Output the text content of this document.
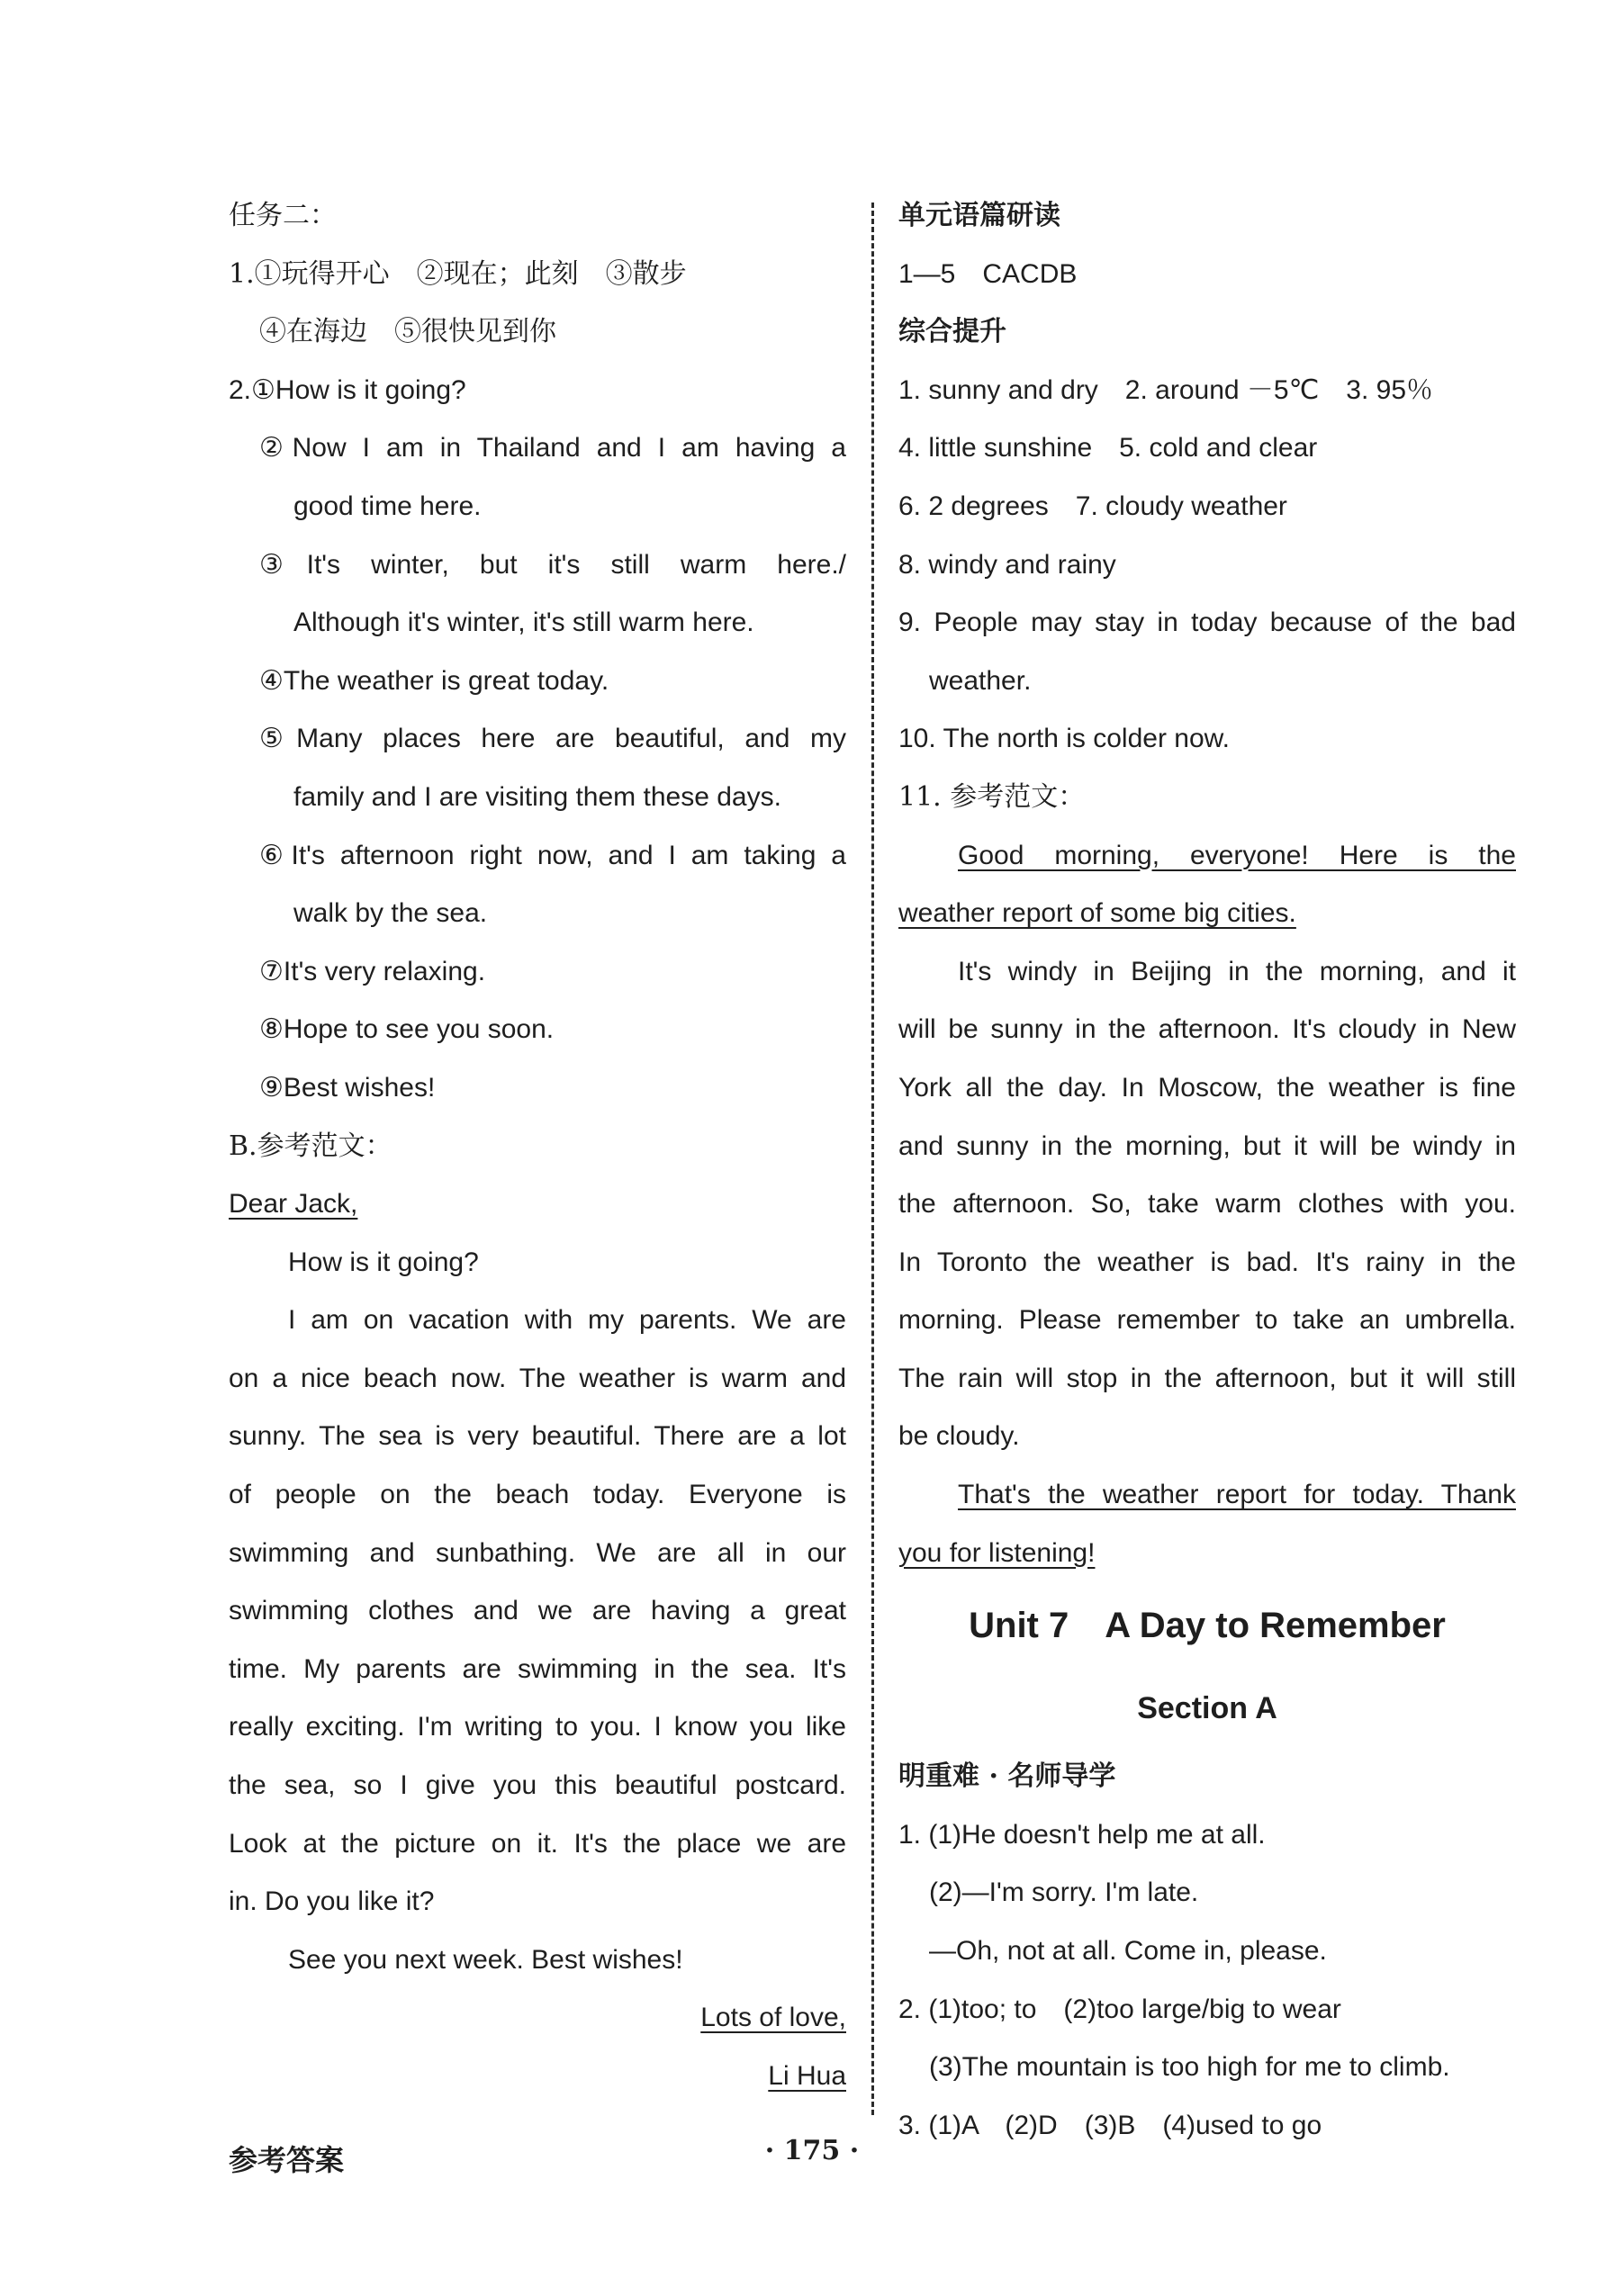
任务二：
1.①玩得开心　②现在；此刻　③散步
④在海边　⑤很快见到你
2.①How is it going?
②Now I am in Thailand and I am having a
good time here.
③It's winter, but it's still warm here./
Although it's winter, it's still warm here.
④The weather is great today.
⑤Many places here are beautiful, and my
family and I are visiting them these days.
⑥It's afternoon right now, and I am taking a
walk by the sea.
⑦It's very relaxing.
⑧Hope to see you soon.
⑨Best wishes!
B.参考范文：
Dear Jack,
How is it going?
I am on vacation with my parents. We are
on a nice beach now. The weather is warm and
sunny. The sea is very beautiful. There are a lot
of people on the beach today. Everyone is
swimming and sunbathing. We are all in our
swimming clothes and we are having a great
time. My parents are swimming in the sea. It's
really exciting. I'm writing to you. I know you like
the sea, so I give you this beautiful postcard.
Look at the picture on it. It's the place we are
in. Do you like it?
See you next week. Best wishes!
Lots of love,
Li Hua
单元语篇研读
1—5　CACDB
综合提升
1. sunny and dry　2. around －5℃　3. 95％
4. little sunshine　5. cold and clear
6. 2 degrees　7. cloudy weather
8. windy and rainy
9. People may stay in today because of the bad
weather.
10. The north is colder now.
11. 参考范文：
Good morning, everyone! Here is the
weather report of some big cities.
It's windy in Beijing in the morning, and it
will be sunny in the afternoon. It's cloudy in New
York all the day. In Moscow, the weather is fine
and sunny in the morning, but it will be windy in
the afternoon. So, take warm clothes with you.
In Toronto the weather is bad. It's rainy in the
morning. Please remember to take an umbrella.
The rain will stop in the afternoon, but it will still
be cloudy.
That's the weather report for today. Thank
you for listening!
Unit 7　A Day to Remember
Section A
明重难 · 名师导学
1. (1)He doesn't help me at all.
(2)—I'm sorry. I'm late.
—Oh, not at all. Come in, please.
2. (1)too; to　(2)too large/big to wear
(3)The mountain is too high for me to climb.
3. (1)A　(2)D　(3)B　(4)used to go
参考答案	· 175 ·
